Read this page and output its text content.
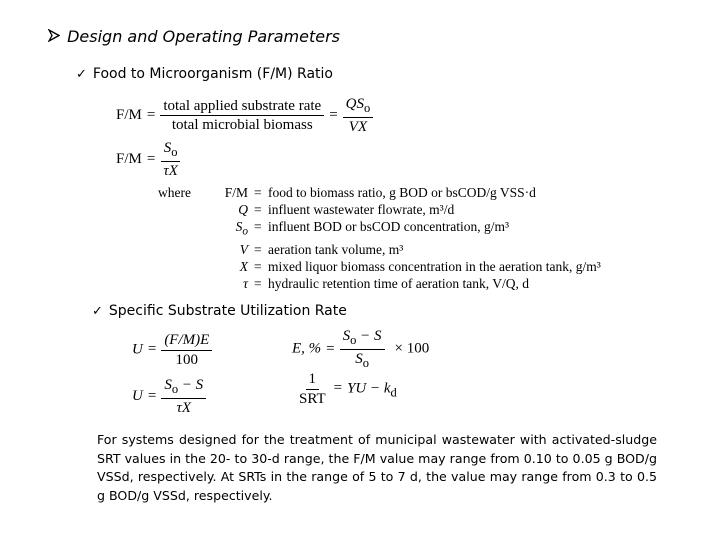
Design and Operating Parameters
✓ Food to Microorganism (F/M) Ratio
$F/M = \frac{\text{total applied substrate rate}}{\text{total microbial biomass}} = \frac{QS_o}{VX}$
$F/M = \frac{S_o}{\tau X}$
where	F/M = food to biomass ratio, g BOD or bsCOD/g VSS·d
Q = influent wastewater flowrate, m³/d
$S_o$ = influent BOD or bsCOD concentration, g/m³
V = aeration tank volume, m³
X = mixed liquor biomass concentration in the aeration tank, g/m³
τ = hydraulic retention time of aeration tank, V/Q, d
✓ Specific Substrate Utilization Rate
$U = \frac{(F/M)E}{100}$
$U = \frac{S_o - S}{\tau X}$
E, % = $\frac{S_o - S}{S_o} \times 100$
$\frac{1}{\text{SRT}}$ = YU − $k_d$
For systems designed for the treatment of municipal wastewater with activated-sludge SRT values in the 20- to 30-d range, the F/M value may range from 0.10 to 0.05 g BOD/g VSSd, respectively. At SRTs in the range of 5 to 7 d, the value may range from 0.3 to 0.5 g BOD/g VSSd, respectively.
